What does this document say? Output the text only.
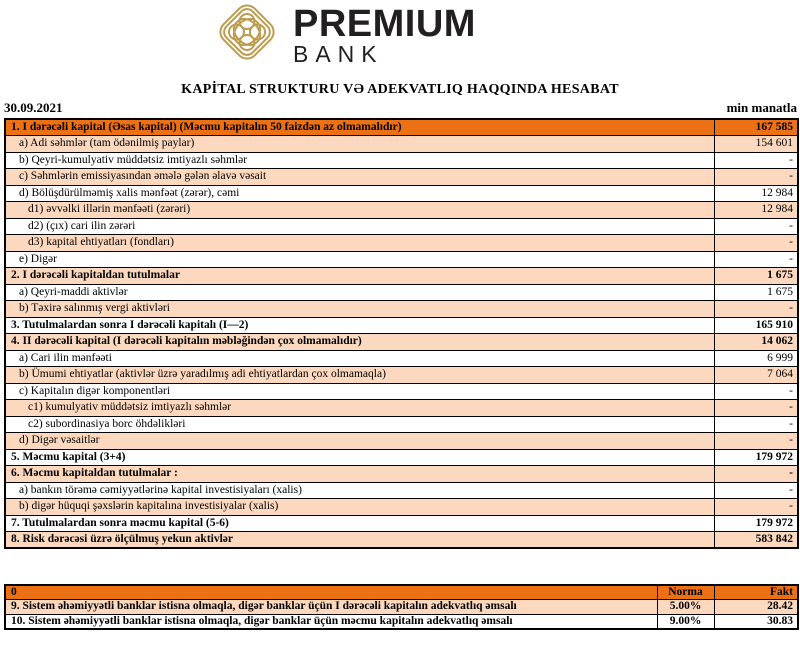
PREMIUM
BANK
KAPİTAL STRUKTURU VƏ ADEKVATLIQ HAQQINDA HESABAT
30.09.2021	min manatla
1. I dərəcəli kapital (Əsas kapital) (Məcmu kapitalın 50 faizdən az olmamalıdır)	167 585
a) Adi səhmlər (tam ödənilmiş paylar)	154 601
b) Qeyri-kumulyativ müddətsiz imtiyazlı səhmlər	-
c) Səhmlərin emissiyasından əmələ gələn əlavə vəsait	-
d) Bölüşdürülməmiş xalis mənfəət (zərər), cəmi	12 984
d1) əvvəlki illərin mənfəəti (zərəri)	12 984
d2) (çıx) cari ilin zərəri	-
d3) kapital ehtiyatları (fondları)	-
e) Digər	-
2. I dərəcəli kapitaldan tutulmalar	1 675
a) Qeyri-maddi aktivlər	1 675
b) Təxirə salınmış vergi aktivləri	-
3. Tutulmalardan sonra I dərəcəli kapitalı (I—2)	165 910
4. II dərəcəli kapital (I dərəcəli kapitalın məbləğindən çox olmamalıdır)	14 062
a) Cari ilin mənfəəti	6 999
b) Ümumi ehtiyatlar (aktivlər üzrə yaradılmış adi ehtiyatlardan çox olmamaqla)	7 064
c) Kapitalın digər komponentləri	-
c1) kumulyativ müddətsiz imtiyazlı səhmlər	-
c2) subordinasiya borc öhdəlikləri	-
d) Digər vəsaitlər	-
5. Məcmu kapital (3+4)	179 972
6. Məcmu kapitaldan tutulmalar :	-
a) bankın törəmə cəmiyyətlərinə kapital investisiyaları (xalis)	-
b) digər hüquqi şəxslərin kapitalına investisiyalar (xalis)	-
7. Tutulmalardan sonra məcmu kapital (5-6)	179 972
8. Risk dərəcəsi üzrə ölçülmuş yekun aktivlər	583 842
0	Norma	Fakt
9. Sistem əhəmiyyətli banklar istisna olmaqla, digər banklar üçün I dərəcəli kapitalın adekvatlıq əmsalı	5.00%	28.42
10. Sistem əhəmiyyətli banklar istisna olmaqla, digər banklar üçün məcmu kapitalın adekvatlıq əmsalı	9.00%	30.83
